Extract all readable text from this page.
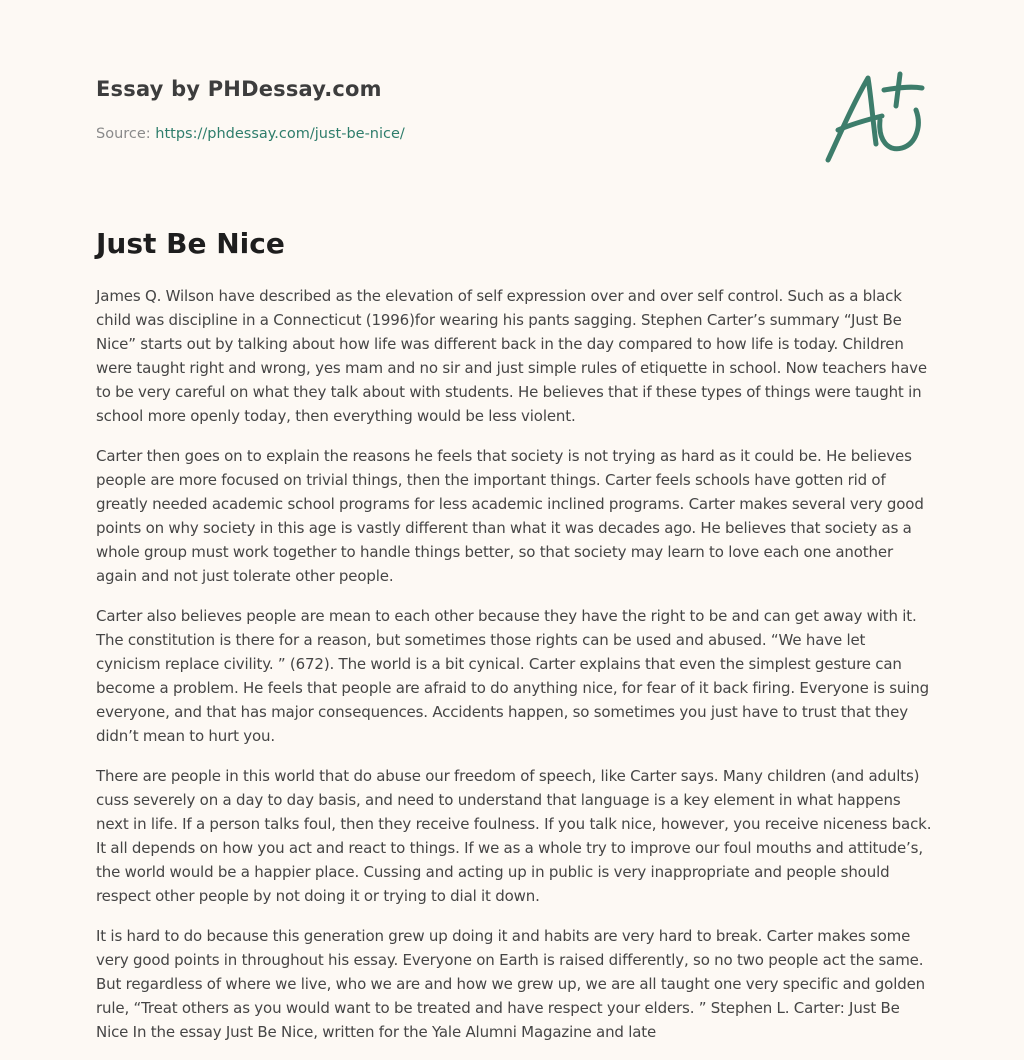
Essay by PHDessay.com
Source: https://phdessay.com/just-be-nice/
Just Be Nice

James Q. Wilson have described as the elevation of self expression over and over self control. Such as a black child was discipline in a Connecticut (1996)for wearing his pants sagging. Stephen Carter’s summary “Just Be Nice” starts out by talking about how life was different back in the day compared to how life is today. Children were taught right and wrong, yes mam and no sir and just simple rules of etiquette in school. Now teachers have to be very careful on what they talk about with students. He believes that if these types of things were taught in school more openly today, then everything would be less violent.

Carter then goes on to explain the reasons he feels that society is not trying as hard as it could be. He believes people are more focused on trivial things, then the important things. Carter feels schools have gotten rid of greatly needed academic school programs for less academic inclined programs. Carter makes several very good points on why society in this age is vastly different than what it was decades ago. He believes that society as a whole group must work together to handle things better, so that society may learn to love each one another again and not just tolerate other people.

Carter also believes people are mean to each other because they have the right to be and can get away with it. The constitution is there for a reason, but sometimes those rights can be used and abused. “We have let cynicism replace civility. ” (672). The world is a bit cynical. Carter explains that even the simplest gesture can become a problem. He feels that people are afraid to do anything nice, for fear of it back firing. Everyone is suing everyone, and that has major consequences. Accidents happen, so sometimes you just have to trust that they didn’t mean to hurt you.

There are people in this world that do abuse our freedom of speech, like Carter says. Many children (and adults) cuss severely on a day to day basis, and need to understand that language is a key element in what happens next in life. If a person talks foul, then they receive foulness. If you talk nice, however, you receive niceness back. It all depends on how you act and react to things. If we as a whole try to improve our foul mouths and attitude’s, the world would be a happier place. Cussing and acting up in public is very inappropriate and people should respect other people by not doing it or trying to dial it down.

It is hard to do because this generation grew up doing it and habits are very hard to break. Carter makes some very good points in throughout his essay. Everyone on Earth is raised differently, so no two people act the same. But regardless of where we live, who we are and how we grew up, we are all taught one very specific and golden rule, “Treat others as you would want to be treated and have respect your elders. ” Stephen L. Carter: Just Be Nice In the essay Just Be Nice, written for the Yale Alumni Magazine and late
